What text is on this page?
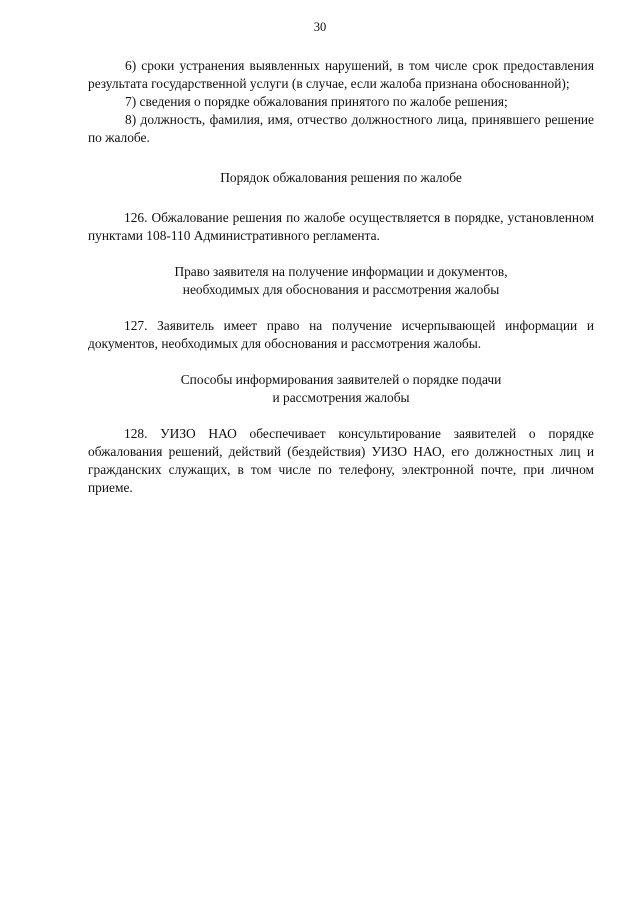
30

6) сроки устранения выявленных нарушений, в том числе срок предоставления результата государственной услуги (в случае, если жалоба признана обоснованной);

7) сведения о порядке обжалования принятого по жалобе решения;

8) должность, фамилия, имя, отчество должностного лица, принявшего решение по жалобе.

Порядок обжалования решения по жалобе

126. Обжалование решения по жалобе осуществляется в порядке, установленном пунктами 108-110 Административного регламента.

Право заявителя на получение информации и документов,
необходимых для обоснования и рассмотрения жалобы

127. Заявитель имеет право на получение исчерпывающей информации и документов, необходимых для обоснования и рассмотрения жалобы.

Способы информирования заявителей о порядке подачи
и рассмотрения жалобы

128. УИЗО НАО обеспечивает консультирование заявителей о порядке обжалования решений, действий (бездействия) УИЗО НАО, его должностных лиц и гражданских служащих, в том числе по телефону, электронной почте, при личном приеме.
